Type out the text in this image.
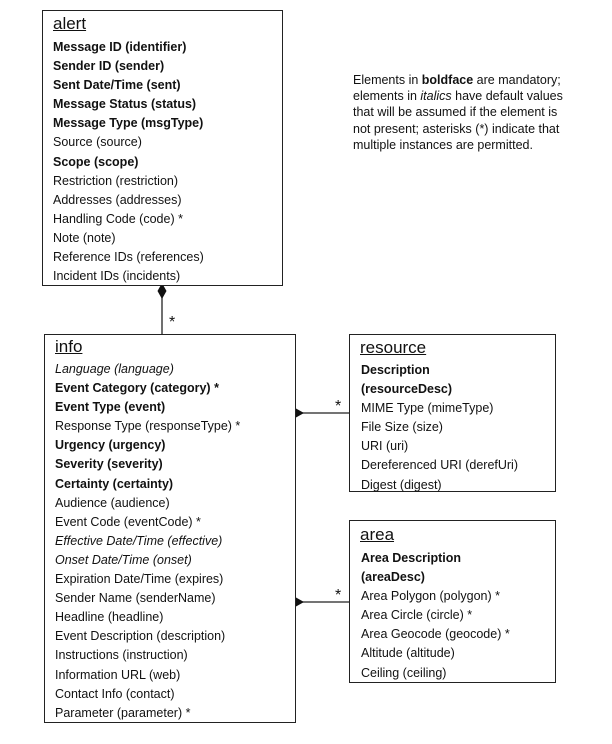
alert
Message ID (identifier)
Sender ID (sender)
Sent Date/Time (sent)
Message Status (status)
Message Type (msgType)
Source (source)
Scope (scope)
Restriction (restriction)
Addresses (addresses)
Handling Code (code) *
Note (note)
Reference IDs (references)
Incident IDs (incidents)
info
Language (language)
Event Category (category) *
Event Type (event)
Response Type (responseType) *
Urgency (urgency)
Severity (severity)
Certainty (certainty)
Audience (audience)
Event Code (eventCode) *
Effective Date/Time (effective)
Onset Date/Time (onset)
Expiration Date/Time (expires)
Sender Name (senderName)
Headline (headline)
Event Description (description)
Instructions (instruction)
Information URL (web)
Contact Info (contact)
Parameter (parameter) *
resource
Description
(resourceDesc)
MIME Type (mimeType)
File Size (size)
URI (uri)
Dereferenced URI (derefUri)
Digest (digest)
area
Area Description
(areaDesc)
Area Polygon (polygon) *
Area Circle (circle) *
Area Geocode (geocode) *
Altitude (altitude)
Ceiling (ceiling)
*
*
*
Elements in boldface are mandatory; elements in italics have default values that will be assumed if the element is not present; asterisks (*) indicate that multiple instances are permitted.
